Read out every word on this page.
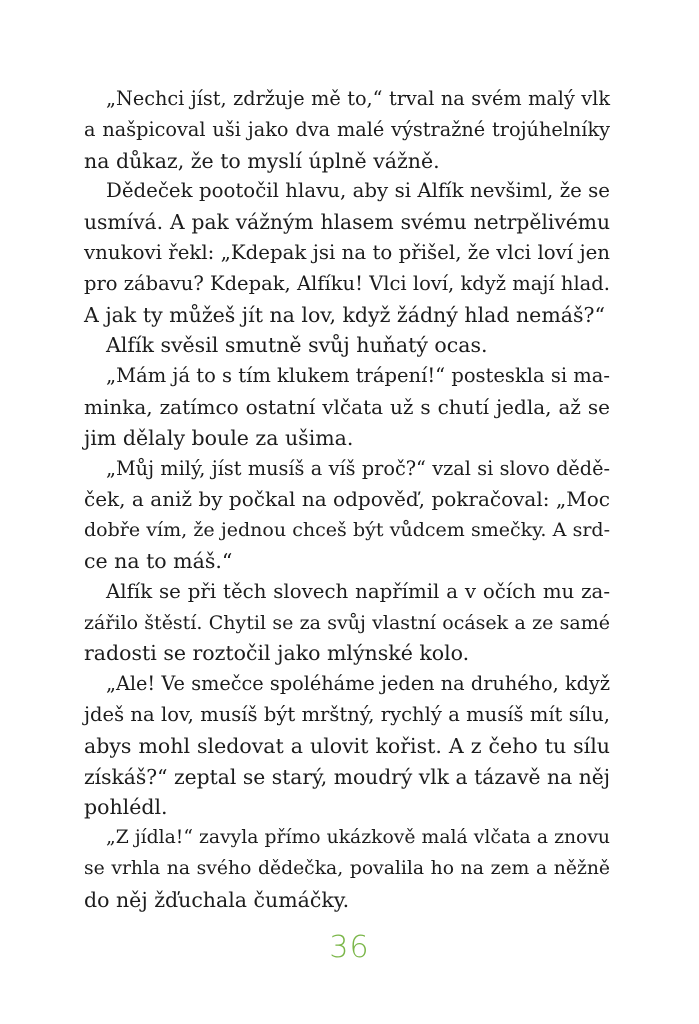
„Nechci jíst, zdržuje mě to,“ trval na svém malý vlk
a našpicoval uši jako dva malé výstražné trojúhelníky
na důkaz, že to myslí úplně vážně.
Dědeček pootočil hlavu, aby si Alfík nevšiml, že se
usmívá. A pak vážným hlasem svému netrpělivému
vnukovi řekl: „Kdepak jsi na to přišel, že vlci loví jen
pro zábavu? Kdepak, Alfíku! Vlci loví, když mají hlad.
A jak ty můžeš jít na lov, když žádný hlad nemáš?“
Alfík svěsil smutně svůj huňatý ocas.
„Mám já to s tím klukem trápení!“ posteskla si ma-
minka, zatímco ostatní vlčata už s chutí jedla, až se
jim dělaly boule za ušima.
„Můj milý, jíst musíš a víš proč?“ vzal si slovo dědě-
ček, a aniž by počkal na odpověď, pokračoval: „Moc
dobře vím, že jednou chceš být vůdcem smečky. A srd-
ce na to máš.“
Alfík se při těch slovech napřímil a v očích mu za-
zářilo štěstí. Chytil se za svůj vlastní ocásek a ze samé
radosti se roztočil jako mlýnské kolo.
„Ale! Ve smečce spoléháme jeden na druhého, když
jdeš na lov, musíš být mrštný, rychlý a musíš mít sílu,
abys mohl sledovat a ulovit kořist. A z čeho tu sílu
získáš?“ zeptal se starý, moudrý vlk a tázavě na něj
pohlédl.
„Z jídla!“ zavyla přímo ukázkově malá vlčata a znovu
se vrhla na svého dědečka, povalila ho na zem a něžně
do něj žďuchala čumáčky.
36
